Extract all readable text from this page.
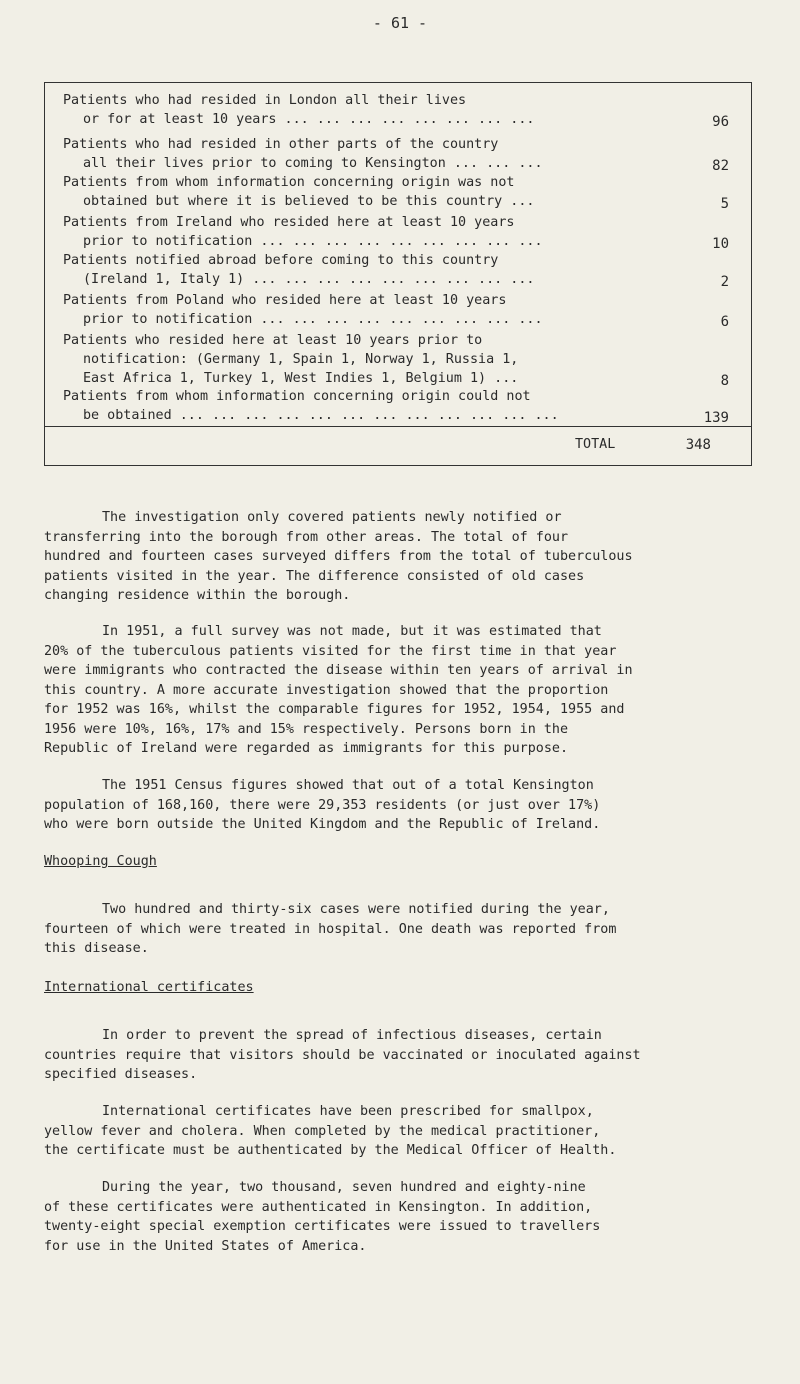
- 61 -
Patients who had resided in London all their lives
or for at least 10 years ... ... ... ... ... ... ... ...	96
Patients who had resided in other parts of the country
all their lives prior to coming to Kensington ... ... ...	82
Patients from whom information concerning origin was not
obtained but where it is believed to be this country ...	5
Patients from Ireland who resided here at least 10 years
prior to notification ... ... ... ... ... ... ... ... ...	10
Patients notified abroad before coming to this country
(Ireland 1, Italy 1) ... ... ... ... ... ... ... ... ...	2
Patients from Poland who resided here at least 10 years
prior to notification ... ... ... ... ... ... ... ... ...	6
Patients who resided here at least 10 years prior to
notification: (Germany 1, Spain 1, Norway 1, Russia 1,
East Africa 1, Turkey 1, West Indies 1, Belgium 1) ...	8
Patients from whom information concerning origin could not
be obtained ... ... ... ... ... ... ... ... ... ... ... ...	139
TOTAL	348
The investigation only covered patients newly notified or
transferring into the borough from other areas. The total of four
hundred and fourteen cases surveyed differs from the total of tuberculous
patients visited in the year. The difference consisted of old cases
changing residence within the borough.
In 1951, a full survey was not made, but it was estimated that
20% of the tuberculous patients visited for the first time in that year
were immigrants who contracted the disease within ten years of arrival in
this country. A more accurate investigation showed that the proportion
for 1952 was 16%, whilst the comparable figures for 1952, 1954, 1955 and
1956 were 10%, 16%, 17% and 15% respectively. Persons born in the
Republic of Ireland were regarded as immigrants for this purpose.
The 1951 Census figures showed that out of a total Kensington
population of 168,160, there were 29,353 residents (or just over 17%)
who were born outside the United Kingdom and the Republic of Ireland.
Whooping Cough
Two hundred and thirty-six cases were notified during the year,
fourteen of which were treated in hospital. One death was reported from
this disease.
International certificates
In order to prevent the spread of infectious diseases, certain
countries require that visitors should be vaccinated or inoculated against
specified diseases.
International certificates have been prescribed for smallpox,
yellow fever and cholera. When completed by the medical practitioner,
the certificate must be authenticated by the Medical Officer of Health.
During the year, two thousand, seven hundred and eighty-nine
of these certificates were authenticated in Kensington. In addition,
twenty-eight special exemption certificates were issued to travellers
for use in the United States of America.
